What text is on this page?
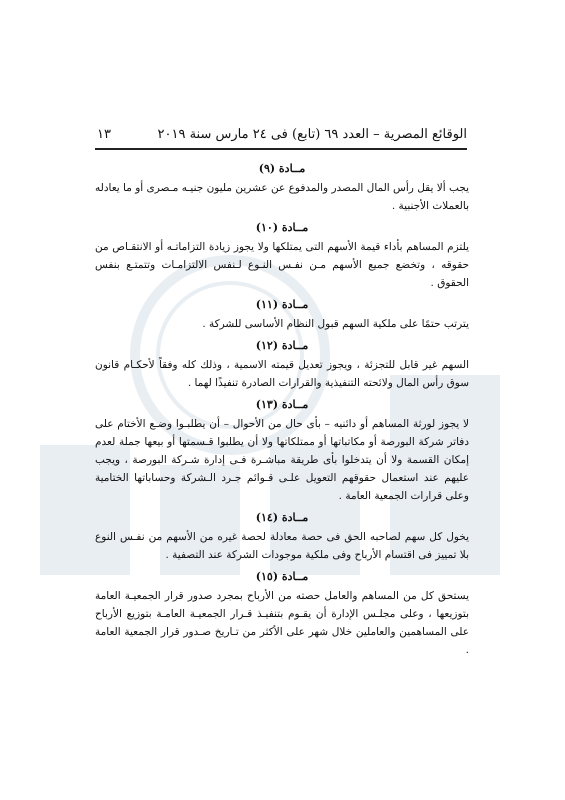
الوقائع المصرية – العدد ٦٩ (تابع) فى ٢٤ مارس سنة ٢٠١٩
١٣
مــادة (٩)

يجب ألا يقل رأس المال المصدر والمدفوع عن عشرين مليون جنيـه مـصرى أو ما يعادله بالعملات الأجنبية .

مــادة (١٠)

يلتزم المساهم بأداء قيمة الأسهم التى يمتلكها ولا يجوز زيادة التزاماتـه أو الانتقـاص من حقوقه ، وتخضع جميع الأسهم مـن نفـس النـوع لـنفس الالتزامـات وتتمتـع بنفس الحقوق .

مــادة (١١)

يترتب حتمًا على ملكية السهم قبول النظام الأساسى للشركة .

مــادة (١٢)

السهم غير قابل للتجزئة ، ويجوز تعديل قيمته الاسمية ، وذلك كله وفقاً لأحكـام قانون سوق رأس المال ولائحته التنفيذية والقرارات الصادرة تنفيذًا لهما .

مــادة (١٣)

لا يجوز لورثة المساهم أو دائنيه – بأى حال من الأحوال – أن يطلبـوا وضـع الأختام على دفاتر شركة البورصة أو مكاتباتها أو ممتلكاتها ولا أن يطلبوا قـسمتها أو بيعها جملة لعدم إمكان القسمة ولا أن يتدخلوا بأى طريقة مباشـرة فـى إدارة شـركة البورصة ، ويجب عليهم عند استعمال حقوقهم التعويل علـى قـوائم جـرد الـشركة وحساباتها الختامية وعلى قرارات الجمعية العامة .

مــادة (١٤)

يخول كل سهم لصاحبه الحق فى حصة معادلة لحصة غيره من الأسهم من نفـس النوع بلا تمييز فى اقتسام الأرباح وفى ملكية موجودات الشركة عند التصفية .

مــادة (١٥)

يستحق كل من المساهم والعامل حصته من الأرباح بمجرد صدور قرار الجمعيـة العامة بتوزيعها ، وعلى مجلـس الإدارة أن يقـوم بتنفيـذ قـرار الجمعيـة العامـة بتوزيع الأرباح على المساهمين والعاملين خلال شهر على الأكثر من تـاريخ صـدور قرار الجمعية العامة .
